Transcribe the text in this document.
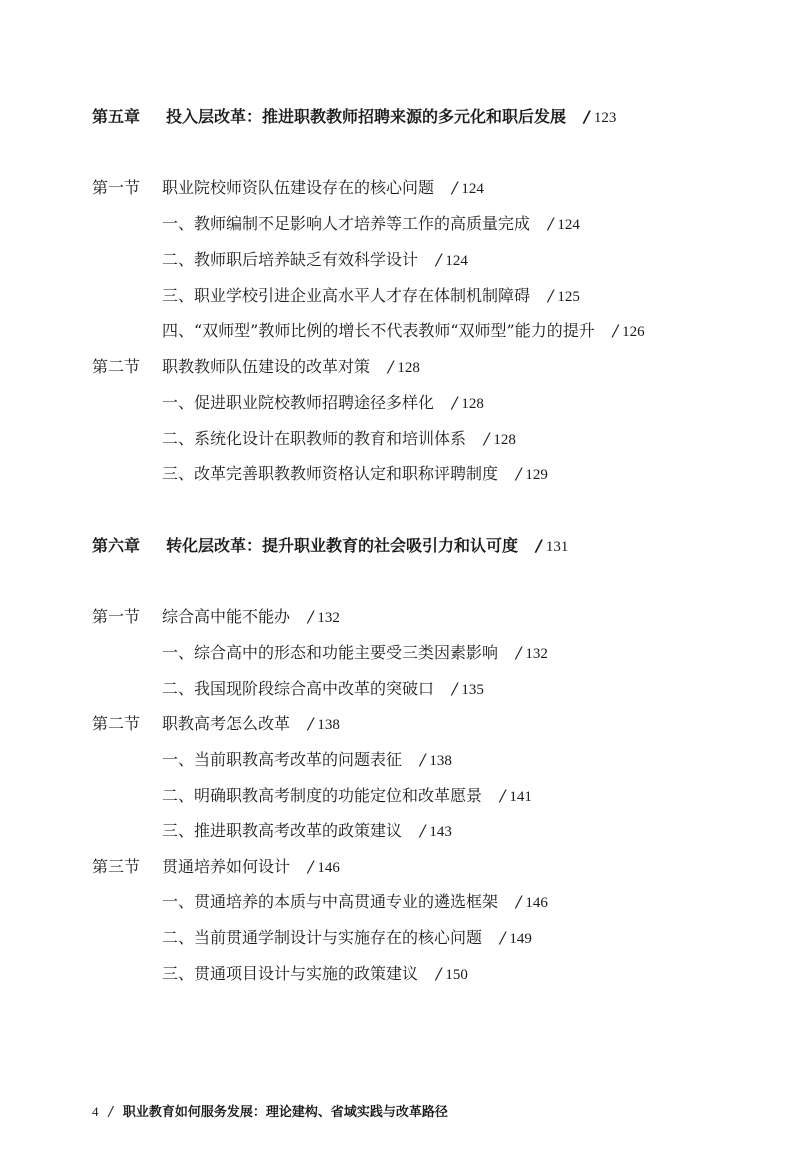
第五章 投入层改革：推进职教教师招聘来源的多元化和职后发展 / 123
第一节 职业院校师资队伍建设存在的核心问题 / 124
一、教师编制不足影响人才培养等工作的高质量完成 / 124
二、教师职后培养缺乏有效科学设计 / 124
三、职业学校引进企业高水平人才存在体制机制障碍 / 125
四、“双师型”教师比例的增长不代表教师“双师型”能力的提升 / 126
第二节 职教教师队伍建设的改革对策 / 128
一、促进职业院校教师招聘途径多样化 / 128
二、系统化设计在职教师的教育和培训体系 / 128
三、改革完善职教教师资格认定和职称评聘制度 / 129
第六章 转化层改革：提升职业教育的社会吸引力和认可度 / 131
第一节 综合高中能不能办 / 132
一、综合高中的形态和功能主要受三类因素影响 / 132
二、我国现阶段综合高中改革的突破口 / 135
第二节 职教高考怎么改革 / 138
一、当前职教高考改革的问题表征 / 138
二、明确职教高考制度的功能定位和改革愿景 / 141
三、推进职教高考改革的政策建议 / 143
第三节 贯通培养如何设计 / 146
一、贯通培养的本质与中高贯通专业的遴选框架 / 146
二、当前贯通学制设计与实施存在的核心问题 / 149
三、贯通项目设计与实施的政策建议 / 150
4 / 职业教育如何服务发展：理论建构、省域实践与改革路径
